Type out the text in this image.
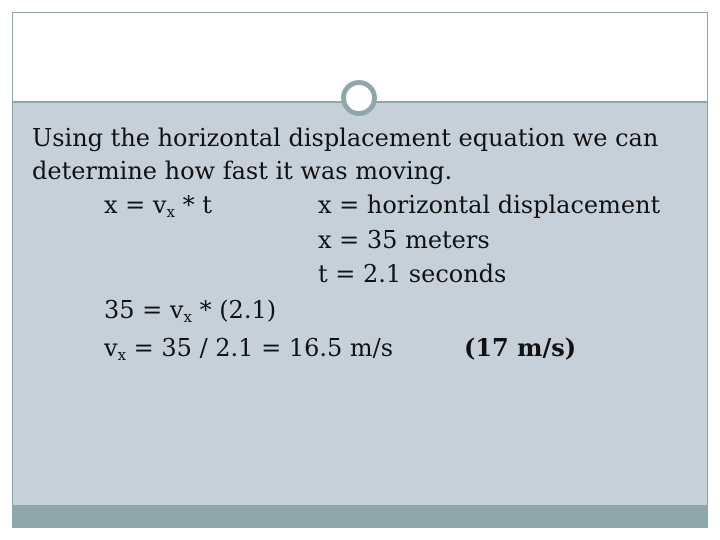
Using the horizontal displacement equation we can
determine how fast it was moving.
$x = v_x * t$	x = horizontal displacement
x = 35 meters
t = 2.1 seconds
$35 = v_x * (2.1)$
$v_x = 35 / 2.1 = 16.5$ m/s	(17 m/s)
